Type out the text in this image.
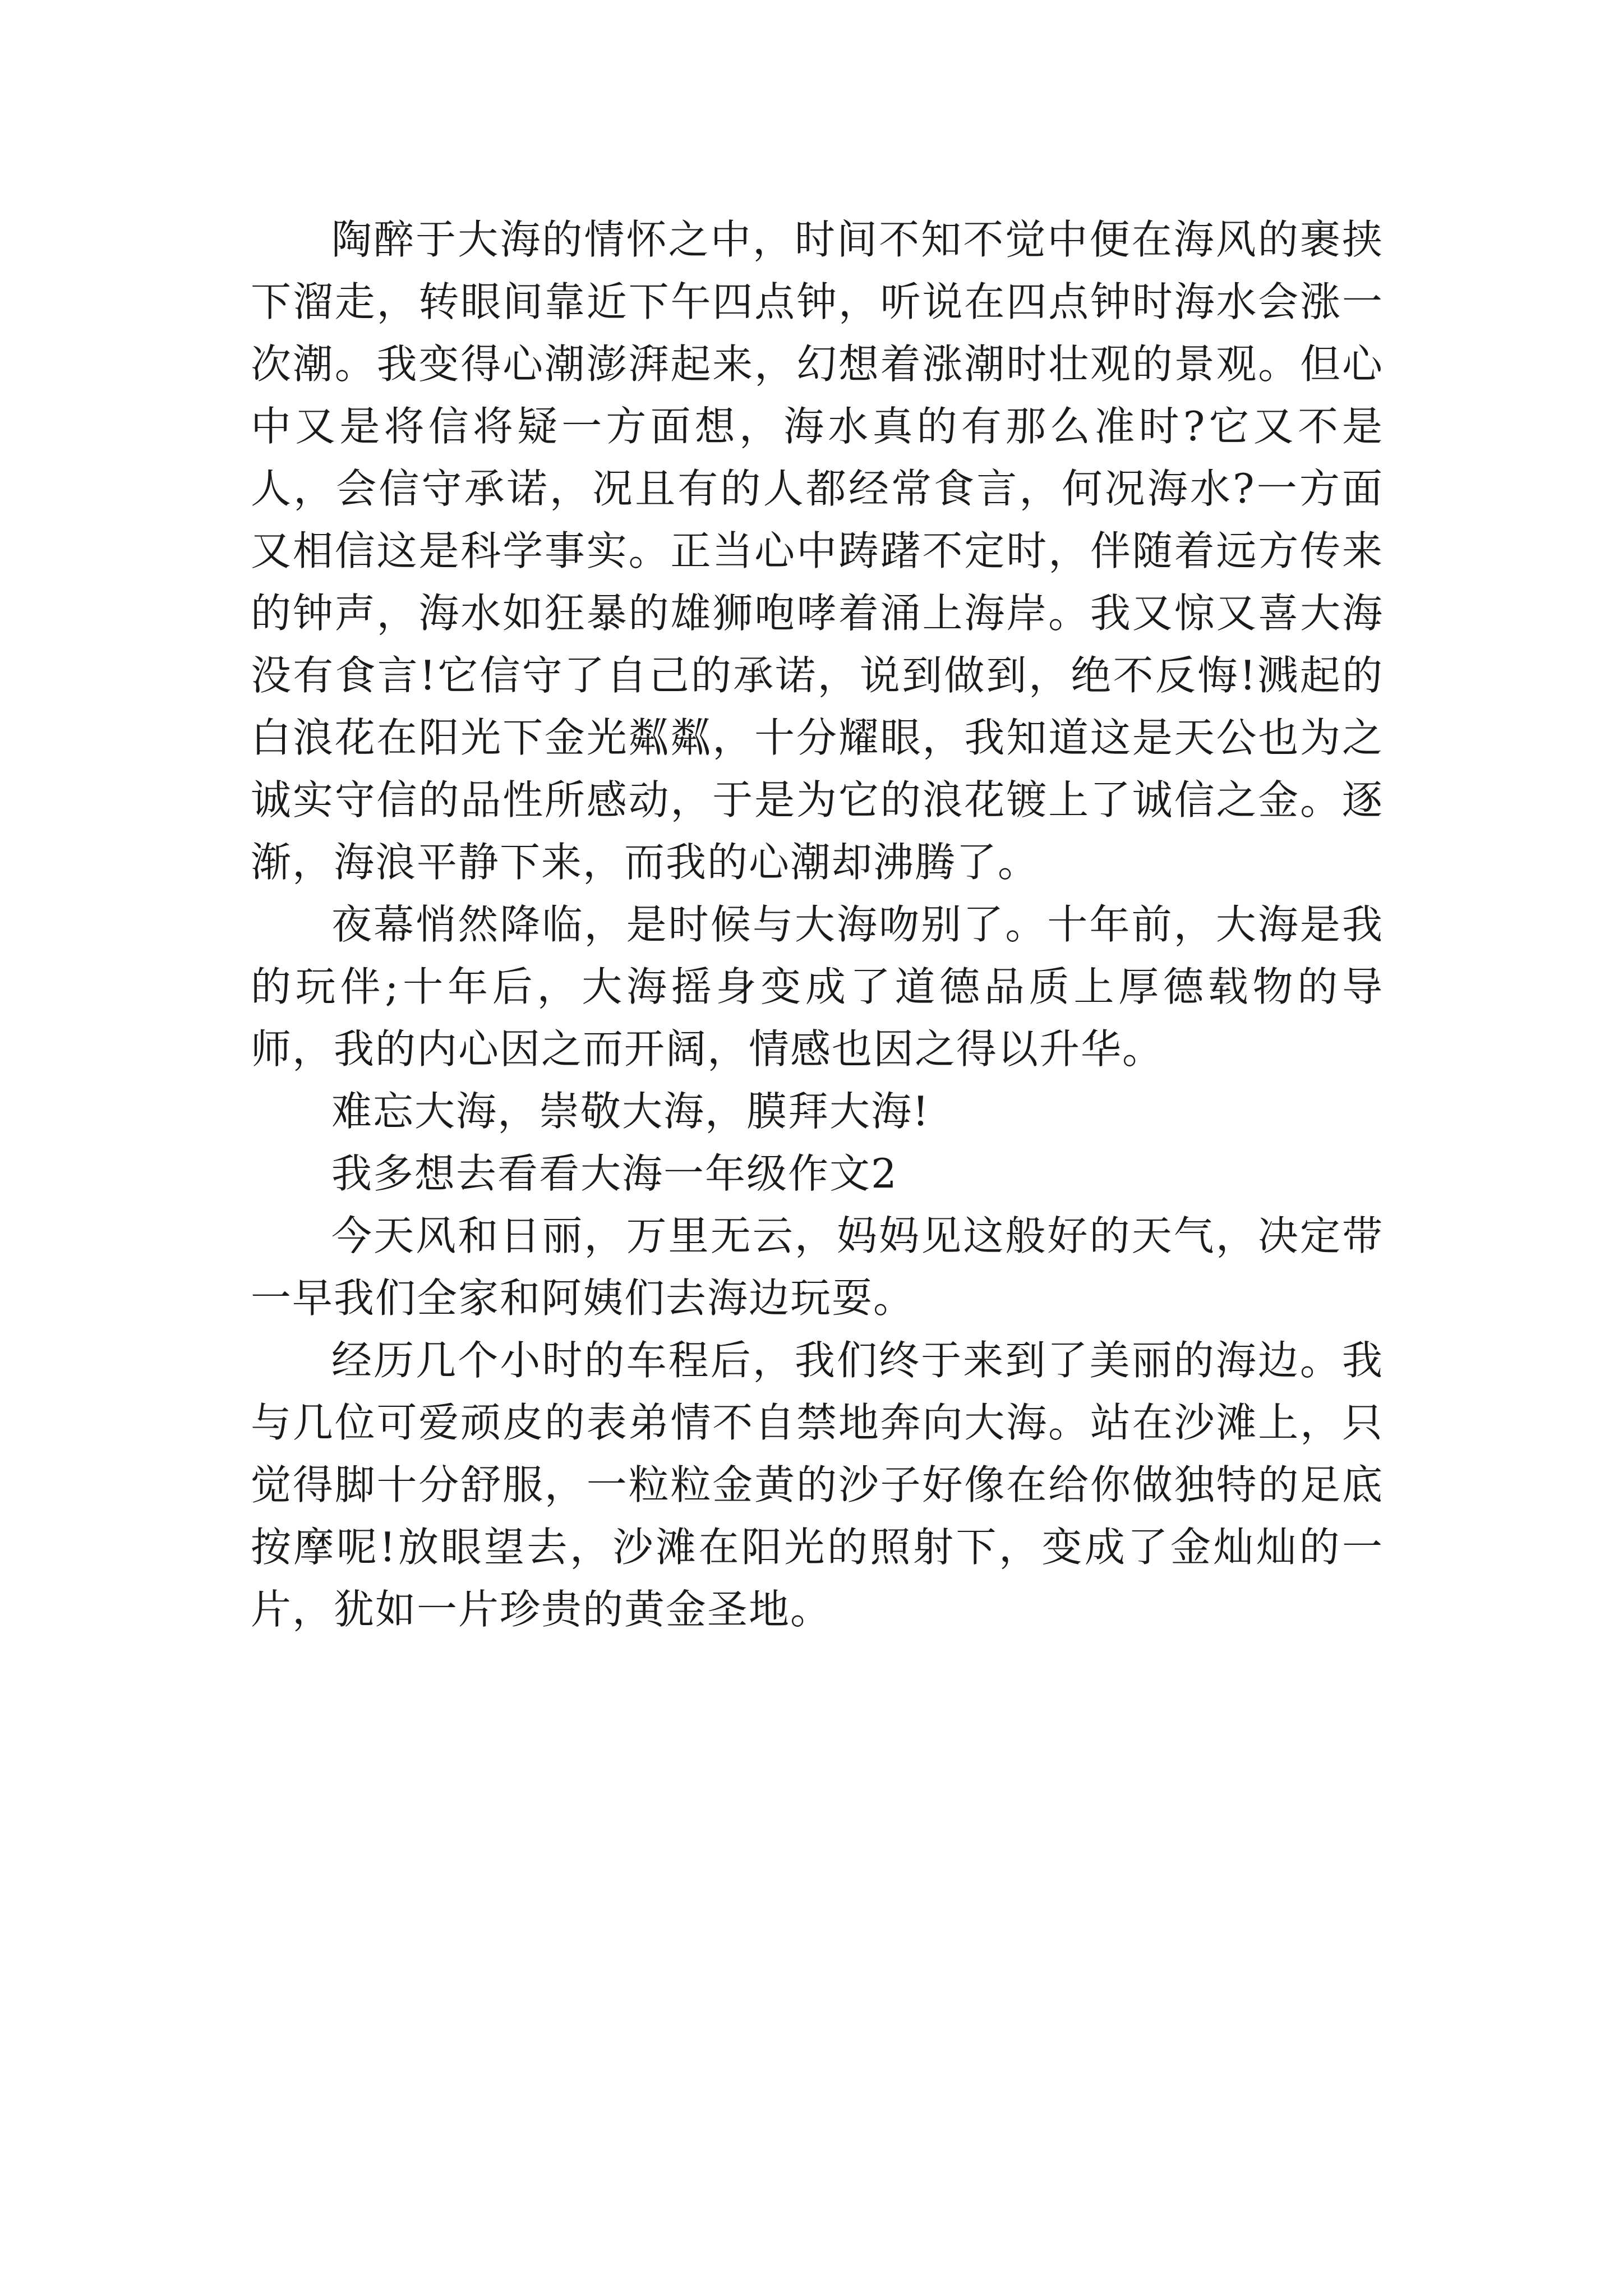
陶醉于大海的情怀之中，时间不知不觉中便在海风的裹挟下溜走，转眼间靠近下午四点钟，听说在四点钟时海水会涨一次潮。我变得心潮澎湃起来，幻想着涨潮时壮观的景观。但心中又是将信将疑一方面想，海水真的有那么准时?它又不是人，会信守承诺，况且有的人都经常食言，何况海水?一方面又相信这是科学事实。正当心中踌躇不定时，伴随着远方传来的钟声，海水如狂暴的雄狮咆哮着涌上海岸。我又惊又喜大海没有食言!它信守了自己的承诺，说到做到，绝不反悔!溅起的白浪花在阳光下金光粼粼，十分耀眼，我知道这是天公也为之诚实守信的品性所感动，于是为它的浪花镀上了诚信之金。逐渐，海浪平静下来，而我的心潮却沸腾了。

夜幕悄然降临，是时候与大海吻别了。十年前，大海是我的玩伴;十年后，大海摇身变成了道德品质上厚德载物的导师，我的内心因之而开阔，情感也因之得以升华。

难忘大海，崇敬大海，膜拜大海!

我多想去看看大海一年级作文2

今天风和日丽，万里无云，妈妈见这般好的天气，决定带一早我们全家和阿姨们去海边玩耍。

经历几个小时的车程后，我们终于来到了美丽的海边。我与几位可爱顽皮的表弟情不自禁地奔向大海。站在沙滩上，只觉得脚十分舒服，一粒粒金黄的沙子好像在给你做独特的足底按摩呢!放眼望去，沙滩在阳光的照射下，变成了金灿灿的一片，犹如一片珍贵的黄金圣地。
